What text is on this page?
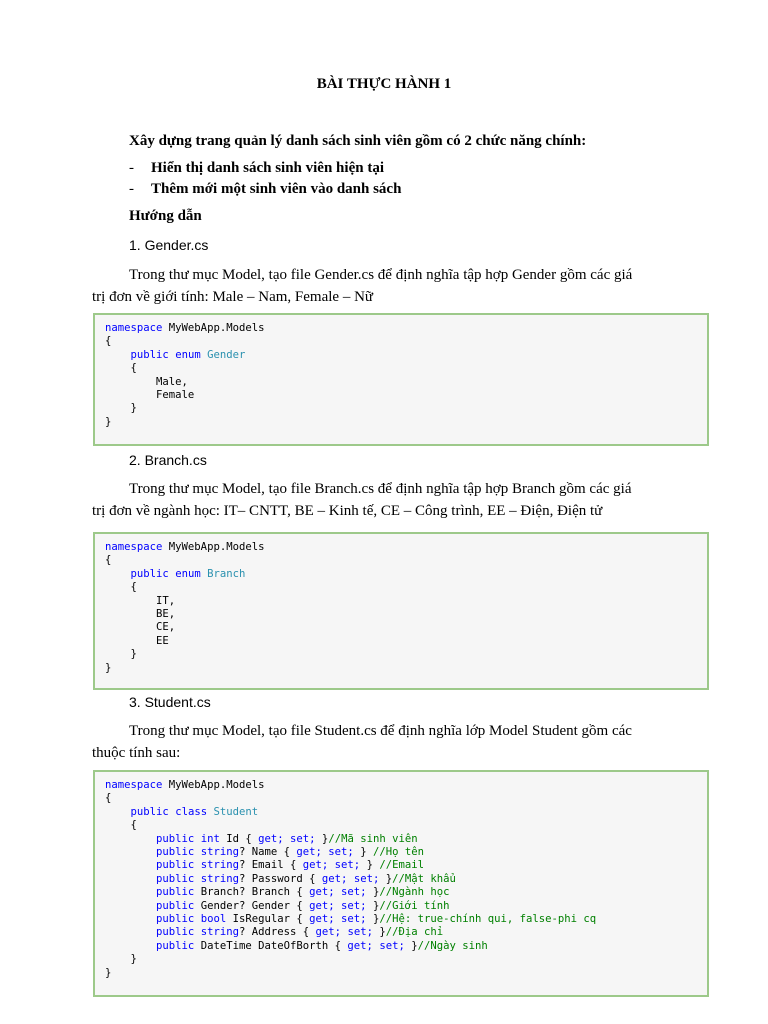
BÀI THỰC HÀNH 1
Xây dựng trang quản lý danh sách sinh viên gồm có 2 chức năng chính:
- Hiển thị danh sách sinh viên hiện tại
- Thêm mới một sinh viên vào danh sách
Hướng dẫn
1. Gender.cs
Trong thư mục Model, tạo file Gender.cs để định nghĩa tập hợp Gender gồm các giá
trị đơn về giới tính: Male – Nam, Female – Nữ
namespace MyWebApp.Models
{
public enum Gender
{
Male,
Female
}
}
2. Branch.cs
Trong thư mục Model, tạo file Branch.cs để định nghĩa tập hợp Branch gồm các giá
trị đơn về ngành học: IT– CNTT, BE – Kinh tế, CE – Công trình, EE – Điện, Điện tử
namespace MyWebApp.Models
{
public enum Branch
{
IT,
BE,
CE,
EE
}
}
3. Student.cs
Trong thư mục Model, tạo file Student.cs để định nghĩa lớp Model Student gồm các
thuộc tính sau:
namespace MyWebApp.Models
{
public class Student
{
public int Id { get; set; }//Mã sinh viên
public string? Name { get; set; } //Họ tên
public string? Email { get; set; } //Email
public string? Password { get; set; }//Mật khẩu
public Branch? Branch { get; set; }//Ngành học
public Gender? Gender { get; set; }//Giới tính
public bool IsRegular { get; set; }//Hệ: true-chính qui, false-phi cq
public string? Address { get; set; }//Địa chỉ
public DateTime DateOfBorth { get; set; }//Ngày sinh
}
}
